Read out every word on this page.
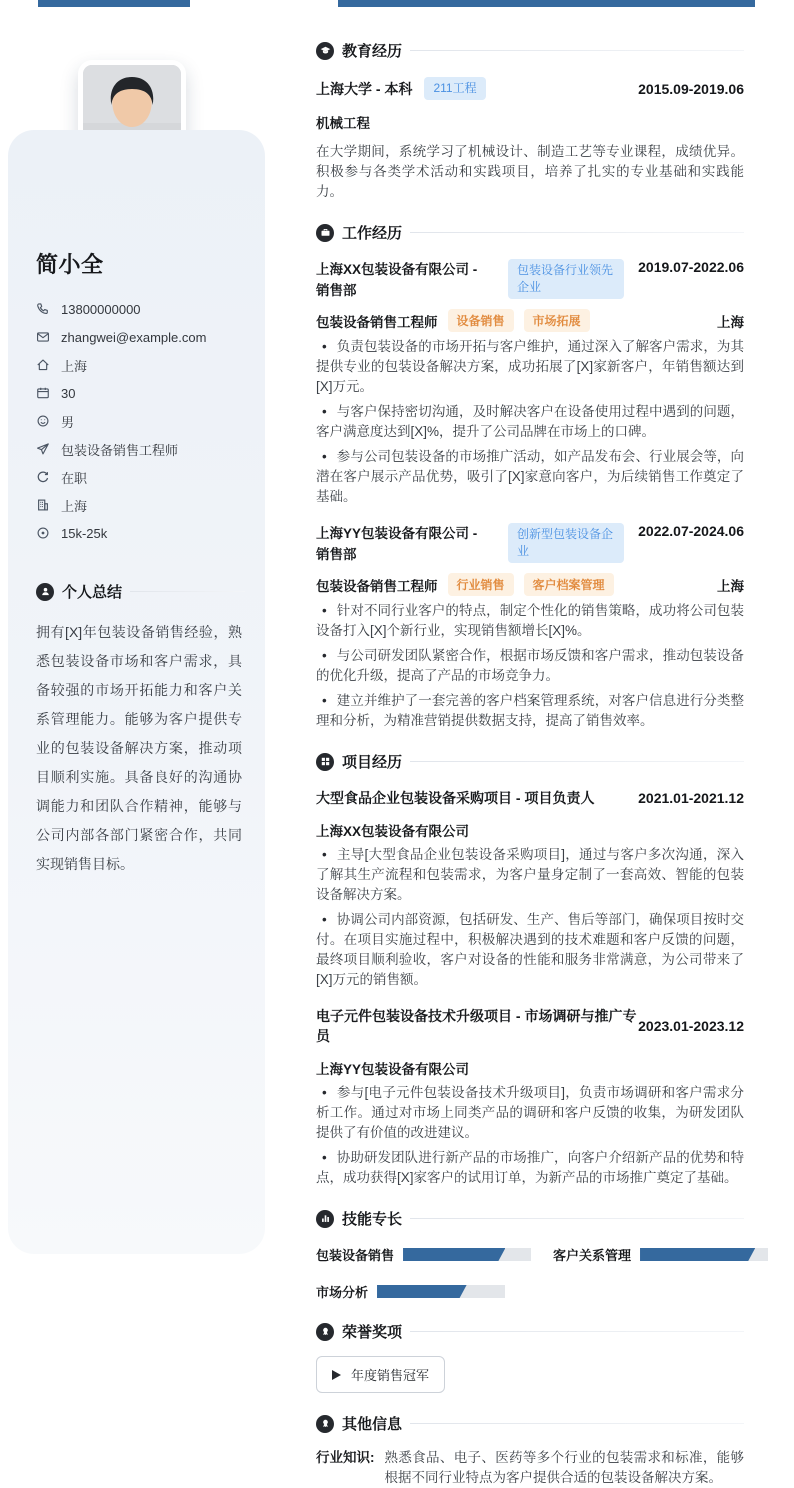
简小全
13800000000
zhangwei@example.com
上海
30
男
包装设备销售工程师
在职
上海
15k-25k
个人总结
拥有[X]年包装设备销售经验，熟悉包装设备市场和客户需求，具备较强的市场开拓能力和客户关系管理能力。能够为客户提供专业的包装设备解决方案，推动项目顺利实施。具备良好的沟通协调能力和团队合作精神，能够与公司内部各部门紧密合作，共同实现销售目标。
教育经历
上海大学 - 本科	211工程	2015.09-2019.06
机械工程

在大学期间，系统学习了机械设计、制造工艺等专业课程，成绩优异。积极参与各类学术活动和实践项目，培养了扎实的专业基础和实践能力。

工作经历
上海XX包装设备有限公司 - 销售部
包装设备行业领先企业
2019.07-2022.06
包装设备销售工程师	设备销售	市场拓展	上海

• 负责包装设备的市场开拓与客户维护，通过深入了解客户需求，为其提供专业的包装设备解决方案，成功拓展了[X]家新客户，年销售额达到[X]万元。

• 与客户保持密切沟通，及时解决客户在设备使用过程中遇到的问题，客户满意度达到[X]%，提升了公司品牌在市场上的口碑。

• 参与公司包装设备的市场推广活动，如产品发布会、行业展会等，向潜在客户展示产品优势，吸引了[X]家意向客户，为后续销售工作奠定了基础。

上海YY包装设备有限公司 - 销售部
创新型包装设备企业
2022.07-2024.06
包装设备销售工程师	行业销售	客户档案管理	上海

• 针对不同行业客户的特点，制定个性化的销售策略，成功将公司包装设备打入[X]个新行业，实现销售额增长[X]%。

• 与公司研发团队紧密合作，根据市场反馈和客户需求，推动包装设备的优化升级，提高了产品的市场竞争力。

• 建立并维护了一套完善的客户档案管理系统，对客户信息进行分类整理和分析，为精准营销提供数据支持，提高了销售效率。

项目经历
大型食品企业包装设备采购项目 - 项目负责人	2021.01-2021.12
上海XX包装设备有限公司

• 主导[大型食品企业包装设备采购项目]，通过与客户多次沟通，深入了解其生产流程和包装需求，为客户量身定制了一套高效、智能的包装设备解决方案。

• 协调公司内部资源，包括研发、生产、售后等部门，确保项目按时交付。在项目实施过程中，积极解决遇到的技术难题和客户反馈的问题，最终项目顺利验收，客户对设备的性能和服务非常满意，为公司带来了[X]万元的销售额。

电子元件包装设备技术升级项目 - 市场调研与推广专员
2023.01-2023.12
上海YY包装设备有限公司

• 参与[电子元件包装设备技术升级项目]，负责市场调研和客户需求分析工作。通过对市场上同类产品的调研和客户反馈的收集，为研发团队提供了有价值的改进建议。

• 协助研发团队进行新产品的市场推广，向客户介绍新产品的优势和特点，成功获得[X]家客户的试用订单，为新产品的市场推广奠定了基础。

技能专长
包装设备销售	客户关系管理
市场分析
荣誉奖项
年度销售冠军
其他信息
行业知识: 熟悉食品、电子、医药等多个行业的包装需求和标准，能够根据不同行业特点为客户提供合适的包装设备解决方案。
